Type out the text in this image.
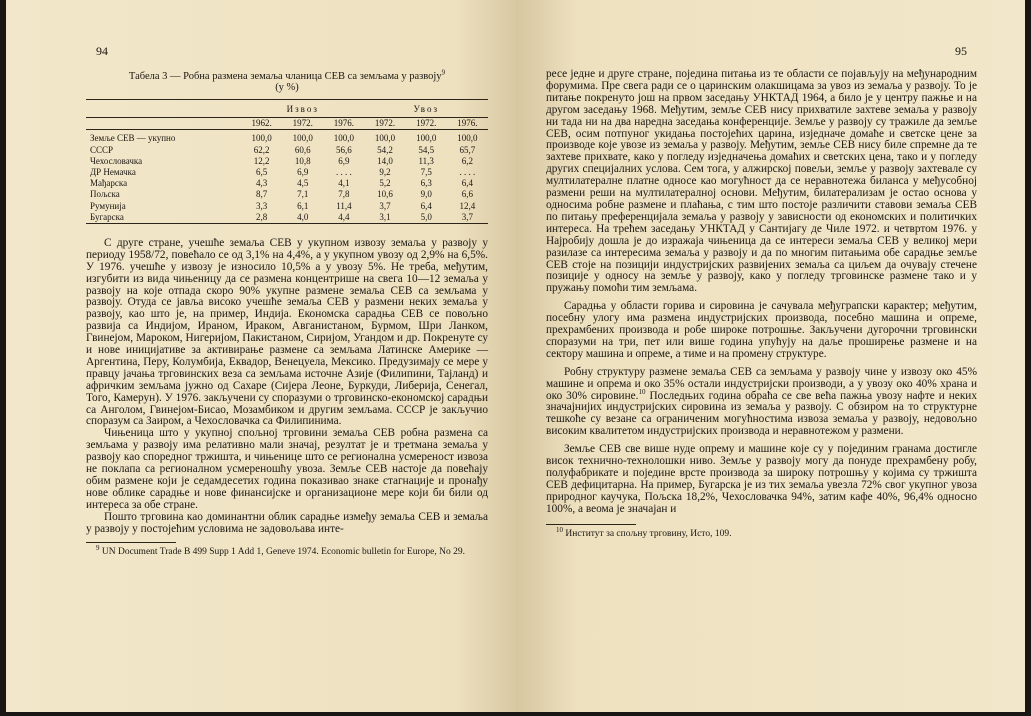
94
Табела 3 — Робна размена земаља чланица СЕВ са земљама у развоју$^9$
(у %)
	Извоз			Увоз		
	1962.	1972.	1976.	1972.	1972.	1976.
Земље СЕВ — укупно	100,0	100,0	100,0	100,0	100,0	100,0
СССР	62,2	60,6	56,6	54,2	54,5	65,7
Чехословачка	12,2	10,8	6,9	14,0	11,3	6,2
ДР Немачка	6,5	6,9	. . . .	9,2	7,5	. . . .
Мађарска	4,3	4,5	4,1	5,2	6,3	6,4
Пољска	8,7	7,1	7,8	10,6	9,0	6,6
Румунија	3,3	6,1	11,4	3,7	6,4	12,4
Бугарска	2,8	4,0	4,4	3,1	5,0	3,7

С друге стране, учешће земаља СЕВ у укупном извозу земаља у развоју у периоду 1958/72, повећало се од 3,1% на 4,4%, а у укупном увозу од 2,9% на 6,5%. У 1976. учешће у извозу је износило 10,5% а у увозу 5%. Не треба, међутим, изгубити из вида чињеницу да се размена концентрише на свега 10—12 земаља у развоју на које отпада скоро 90% укупне размене земаља СЕВ са земљама у развоју. Отуда се јавља високо учешће земаља СЕВ у размени неких земаља у развоју, као што је, на пример, Индија. Економска сарадња СЕВ се повољно развија са Индијом, Ираном, Ираком, Авганистаном, Бурмом, Шри Ланком, Гвинејом, Мароком, Нигеријом, Пакистаном, Сиријом, Угандом и др. Покренуте су и нове иницијативе за активирање размене са земљама Латинске Америке — Аргентина, Перу, Колумбија, Еквадор, Венецуела, Мексико. Предузимају се мере у правцу јачања трговинских веза са земљама источне Азије (Филипини, Тајланд) и афричким земљама јужно од Сахаре (Сијера Леоне, Буркуди, Либерија, Сенегал, Того, Камерун). У 1976. закључени су споразуми о трговинско-економској сарадњи са Анголом, Гвинејом-Бисао, Мозамбиком и другим земљама. СССР је закључио споразум са Заиром, а Чехословачка са Филипинима.

Чињеница што у укупној спољној трговини земаља СЕВ робна размена са земљама у развоју има релативно мали значај, резултат је и третмана земаља у развоју као споредног тржишта, и чињенице што се регионална усмереност извоза не поклапа са регионалном усмереношћу увоза. Земље СЕВ настоје да повећају обим размене који је седамдесетих година показивао знаке стагнације и пронађу нове облике сарадње и нове финансијске и организационе мере који би били од интереса за обе стране.

Пошто трговина као доминантни облик сарадње између земаља СЕВ и земаља у развоју у постојећим условима не задовољава инте-

$^9$ UN Document Trade B 499 Supp 1 Add 1, Geneve 1974. Economic bulletin for Europe, No 29.

95

ресе једне и друге стране, поједина питања из те области се појављују на међународним форумима. Пре свега ради се о царинским олакшицама за увоз из земаља у развоју. То је питање покренуто још на првом заседању УНКТАД 1964, а било је у центру пажње и на другом заседању 1968. Међутим, земље СЕВ нису прихватиле захтеве земаља у развоју ни тада ни на два наредна заседања конференције. Земље у развоју су тражиле да земље СЕВ, осим потпуног укидања постојећих царина, изједначе домаће и светске цене за производе које увозе из земаља у развоју. Међутим, земље СЕВ нису биле спремне да те захтеве прихвате, како у погледу изједначења домаћих и светских цена, тако и у погледу других специјалних услова. Сем тога, у алжирској повељи, земље у развоју захтевале су мултилатералне платне односе као могућност да се неравнотежа биланса у међусобној размени реши на мултилатералној основи. Међутим, билатерализам је остао основа у односима робне размене и плаћања, с тим што постоје различити ставови земаља СЕВ по питању преференцијала земаља у развоју у зависности од економских и политичких интереса. На трећем заседању УНКТАД у Сантијагу де Чиле 1972. и четвртом 1976. у Најробију дошла је до изражаја чињеница да се интереси земаља СЕВ у великој мери разилазе са интересима земаља у развоју и да по многим питањима обе сарадње земље СЕВ стоје на позицији индустријских развијених земаља са циљем да очувају стечене позиције у односу на земље у развоју, како у погледу трговинске размене тако и у пружању помоћи тим земљама.

Сарадња у области горива и сировина је сачувала међуграпски карактер; међутим, посебну улогу има размена индустријских производа, посебно машина и опреме, прехрамбених производа и робе широке потрошње. Закључени дугорочни трговински споразуми на три, пет или више година упућују на даље проширење размене и на сектору машина и опреме, а тиме и на промену структуре.

Робну структуру размене земаља СЕВ са земљама у развоју чине у извозу око 45% машине и опрема и око 35% остали индустријски производи, а у увозу око 40% храна и око 30% сировине.$^{10}$ Последњих година обраћа се све већа пажња увозу нафте и неких значајнијих индустријских сировина из земаља у развоју. С обзиром на то структурне тешкоће су везане са ограниченим могућностима извоза земаља у развоју, недовољно високим квалитетом индустријских производа и неравнотежом у размени.

Земље СЕВ све више нуде опрему и машине које су у појединим гранама достигле висок технично-технолошки ниво. Земље у развоју могу да понуде прехрамбену робу, полуфабрикате и поједине врсте производа за широку потрошњу у којима су тржишта СЕВ дефицитарна. На пример, Бугарска је из тих земаља увезла 72% свог укупног увоза природног каучука, Пољска 18,2%, Чехословачка 94%, затим кафе 40%, 96,4% односно 100%, а веома је значајан и

$^{10}$ Институт за спољну трговину, Исто, 109.
